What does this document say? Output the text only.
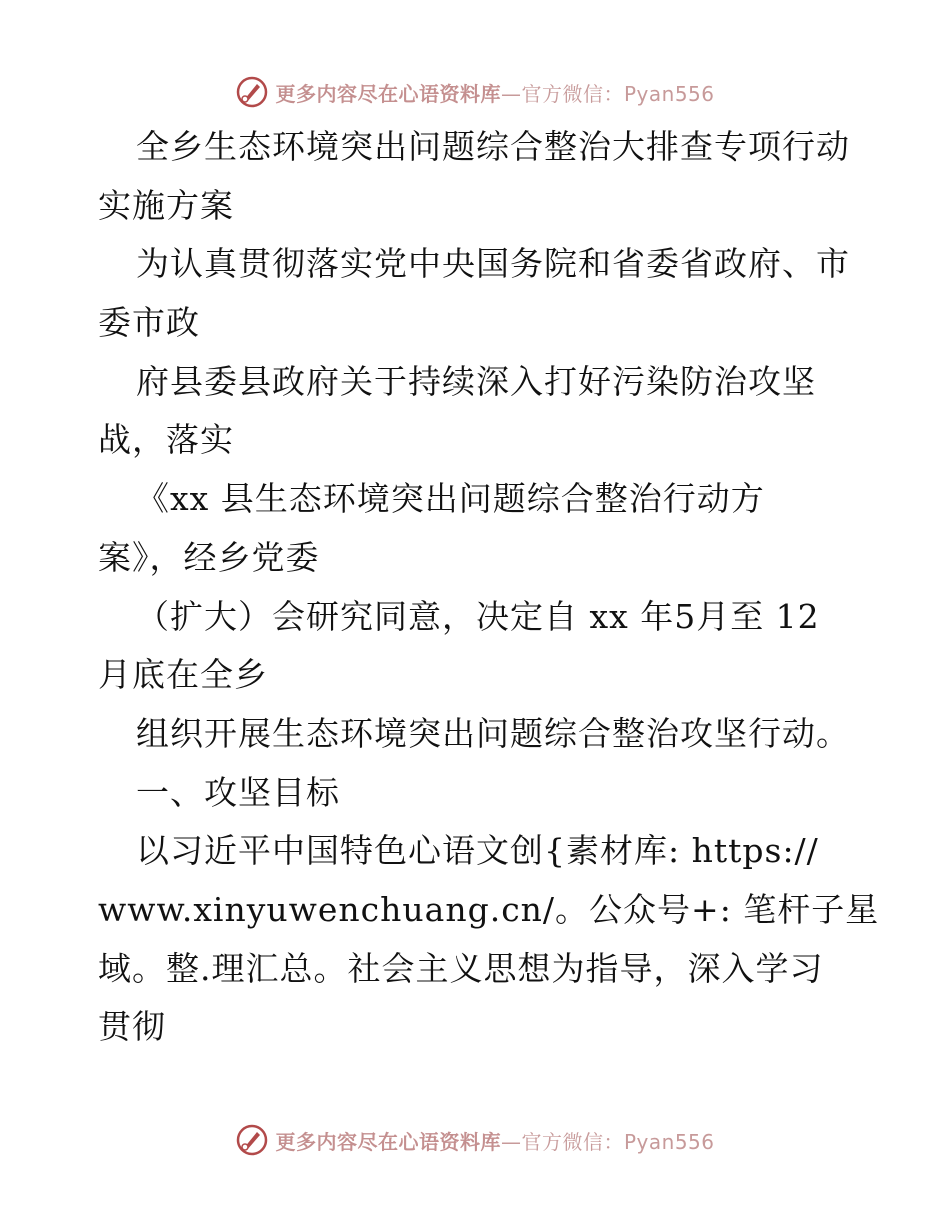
更多内容尽在心语资料库—官方微信：Pyan556
全乡生态环境突出问题综合整治大排查专项行动
实施方案
为认真贯彻落实党中央国务院和省委省政府、市
委市政
府县委县政府关于持续深入打好污染防治攻坚
战，落实
《xx 县生态环境突出问题综合整治行动方
案》，经乡党委
（扩大）会研究同意，决定自 xx 年5月至 12
月底在全乡
组织开展生态环境突出问题综合整治攻坚行动。
一、攻坚目标
以习近平中国特色心语文创{素材库: https://
www.xinyuwenchuang.cn/。公众号+: 笔杆子星
域。整.理汇总。社会主义思想为指导，深入学习
贯彻
更多内容尽在心语资料库—官方微信：Pyan556
